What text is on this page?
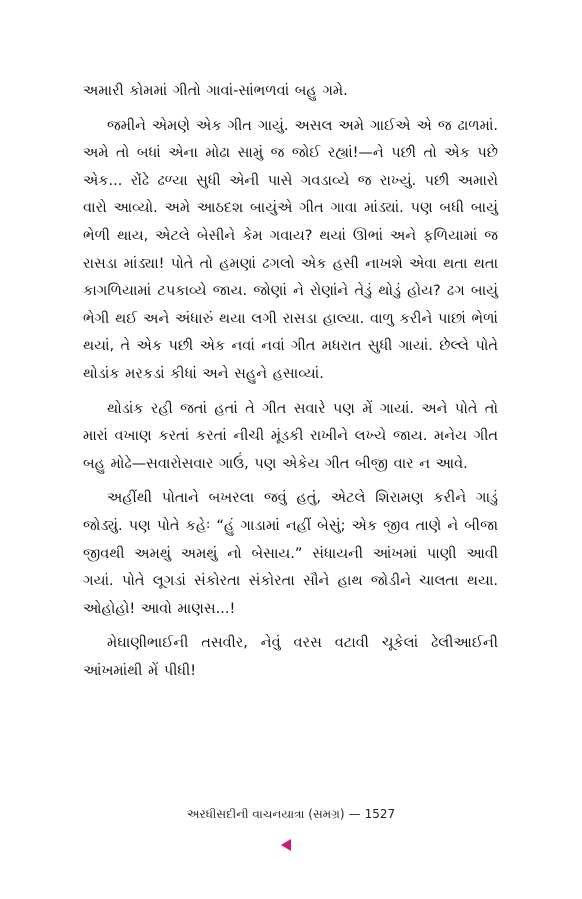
અમારી કોમમાં ગીતો ગાવાં-સાંભળવાં બહુ ગમે.

જમીને એમણે એક ગીત ગાયું. અસલ અમે ગાઈએ એ જ ઢાળમાં. અમે તો બધાં એના મોઢા સામું જ જોઈ રહ્યાં!—ને પછી તો એક પછે એક... રોંઢે ઢળ્યા સુધી એની પાસે ગવડાવ્યે જ રાખ્યું. પછી અમારો વારો આવ્યો. અમે આઠદશ બાયુંએ ગીત ગાવા માંડ્યાં. પણ બધી બાયું ભેળી થાય, એટલે બેસીને કેમ ગવાય? થયાં ઊભાં અને ફળિયામાં જ રાસડા માંડ્યા! પોતે તો હમણાં ઢગલો એક હસી નાખશે એવા થતા થતા કાગળિયામાં ટપકાવ્યે જાય. જોણાં ને રોણાંને તેડું થોડું હોય? ઢગ બાયું ભેગી થઈ અને અંધારું થયા લગી રાસડા હાલ્યા. વાળુ કરીને પાછાં ભેળાં થયાં, તે એક પછી એક નવાં નવાં ગીત મધરાત સુધી ગાયાં. છેલ્લે પોતે થોડાંક મરકડાં કીધાં અને સહુને હસાવ્યાં.

થોડાંક રહી જતાં હતાં તે ગીત સવારે પણ મેં ગાયાં. અને પોતે તો મારાં વખાણ કરતાં કરતાં નીચી મૂંડકી રાખીને લખ્યે જાય. મનેય ગીત બહુ મોઢે—સવારોસવાર ગાઉં, પણ એકેય ગીત બીજી વાર ન આવે.

અહીંથી પોતાને બખરલા જવું હતું, એટલે શિરામણ કરીને ગાડું જોડ્યું. પણ પોતે કહેઃ “હું ગાડામાં નહીં બેસું; એક જીવ તાણે ને બીજા જીવથી અમથું અમથું નો બેસાય.” સંધાયની આંખમાં પાણી આવી ગયાં. પોતે લૂગડાં સંકોરતા સંકોરતા સૌને હાથ જોડીને ચાલતા થયા. ઓહોહો! આવો માણસ...!

મેઘાણીભાઈની તસવીર, નેવું વરસ વટાવી ચૂકેલાં ઢેલીઆઈની આંખમાંથી મેં પીધી!

અરધીસદીની વાચનયાત્રા (સમગ્ર) — 1527
